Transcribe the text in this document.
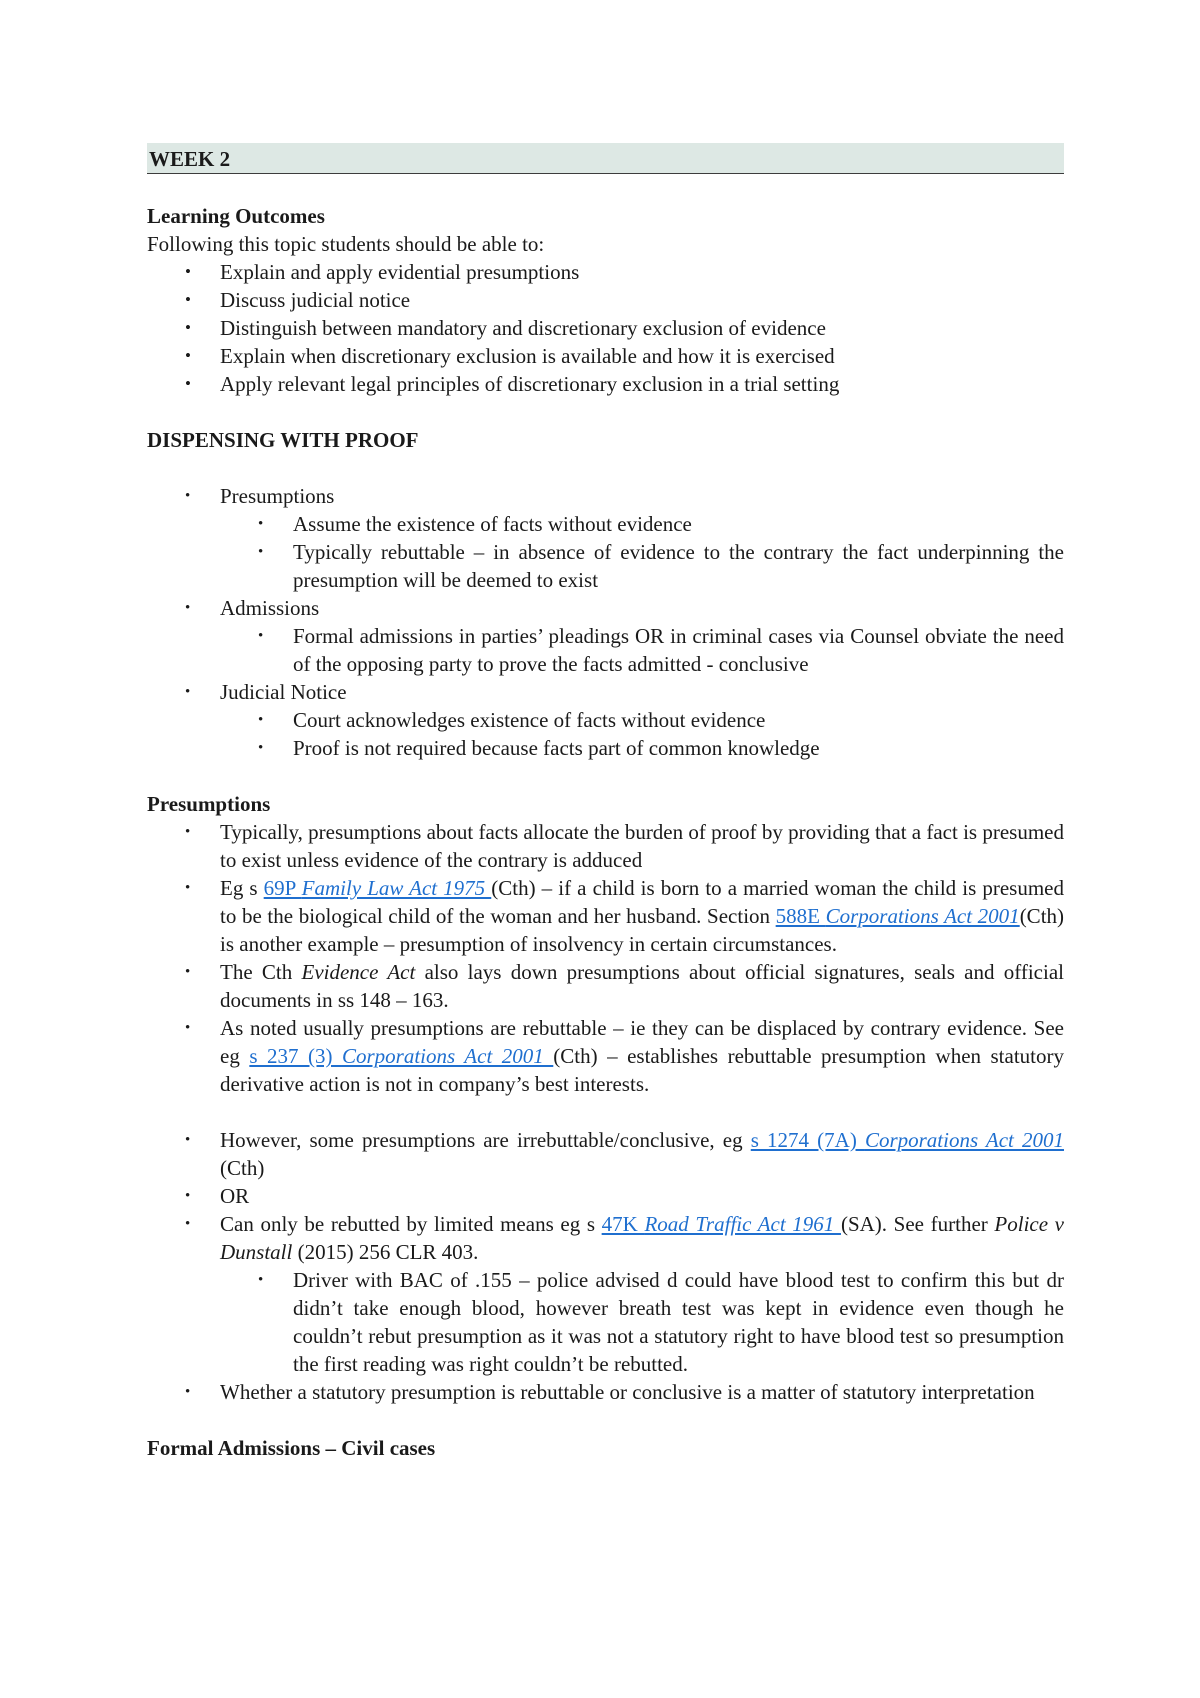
WEEK 2
Learning Outcomes
Following this topic students should be able to:
• Explain and apply evidential presumptions
• Discuss judicial notice
• Distinguish between mandatory and discretionary exclusion of evidence
• Explain when discretionary exclusion is available and how it is exercised
• Apply relevant legal principles of discretionary exclusion in a trial setting
DISPENSING WITH PROOF
• Presumptions
• Assume the existence of facts without evidence
• Typically rebuttable – in absence of evidence to the contrary the fact underpinning the presumption will be deemed to exist
• Admissions
• Formal admissions in parties’ pleadings OR in criminal cases via Counsel obviate the need of the opposing party to prove the facts admitted - conclusive
• Judicial Notice
• Court acknowledges existence of facts without evidence
• Proof is not required because facts part of common knowledge
Presumptions
• Typically, presumptions about facts allocate the burden of proof by providing that a fact is presumed to exist unless evidence of the contrary is adduced
• Eg s 69P Family Law Act 1975 (Cth) – if a child is born to a married woman the child is presumed to be the biological child of the woman and her husband. Section 588E Corporations Act 2001(Cth) is another example – presumption of insolvency in certain circumstances.
• The Cth Evidence Act also lays down presumptions about official signatures, seals and official documents in ss 148 – 163.
• As noted usually presumptions are rebuttable – ie they can be displaced by contrary evidence. See eg s 237 (3) Corporations Act 2001 (Cth) – establishes rebuttable presumption when statutory derivative action is not in company’s best interests.
• However, some presumptions are irrebuttable/conclusive, eg s 1274 (7A) Corporations Act 2001 (Cth)
• OR
• Can only be rebutted by limited means eg s 47K Road Traffic Act 1961 (SA). See further Police v Dunstall (2015) 256 CLR 403.
• Driver with BAC of .155 – police advised d could have blood test to confirm this but dr didn’t take enough blood, however breath test was kept in evidence even though he couldn’t rebut presumption as it was not a statutory right to have blood test so presumption the first reading was right couldn’t be rebutted.
• Whether a statutory presumption is rebuttable or conclusive is a matter of statutory interpretation
Formal Admissions – Civil cases
